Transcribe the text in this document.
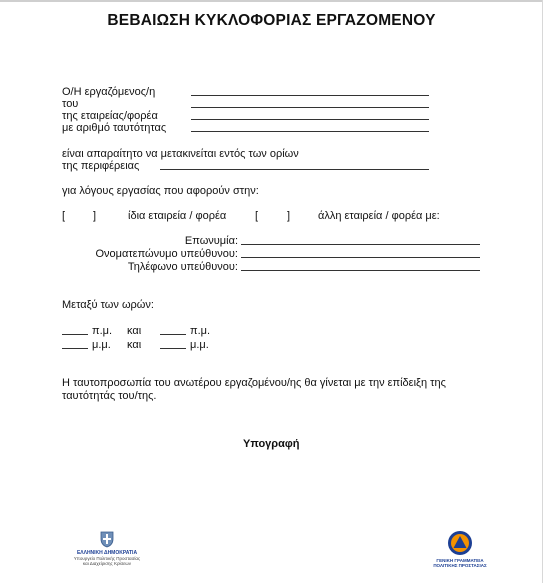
ΒΕΒΑΙΩΣΗ ΚΥΚΛΟΦΟΡΙΑΣ ΕΡΓΑΖΟΜΕΝΟΥ
Ο/Η εργαζόμενος/η
του
της εταιρείας/φορέα
με αριθμό ταυτότητας
είναι απαραίτητο να μετακινείται εντός των ορίων
της περιφέρειας
για λόγους εργασίας που αφορούν στην:
[	]	ίδια εταιρεία / φορέα	[	]	άλλη εταιρεία / φορέα με:
Επωνυμία:
Ονοματεπώνυμο υπεύθυνου:
Τηλέφωνο υπεύθυνου:
Μεταξύ των ωρών:
π.μ. και	π.μ.
μ.μ. και	μ.μ.
Η ταυτοπροσωπία του ανωτέρου εργαζομένου/ης θα γίνεται με την επίδειξη της
ταυτότητάς του/της.
Υπογραφή
ΕΛΛΗΝΙΚΗ ΔΗΜΟΚΡΑΤΙΑ
Υπουργείο Πολιτικής Προστασίας
και Διαχείρισης Κρίσεων
ΓΕΝΙΚΗ ΓΡΑΜΜΑΤΕΙΑ
ΠΟΛΙΤΙΚΗΣ ΠΡΟΣΤΑΣΙΑΣ
